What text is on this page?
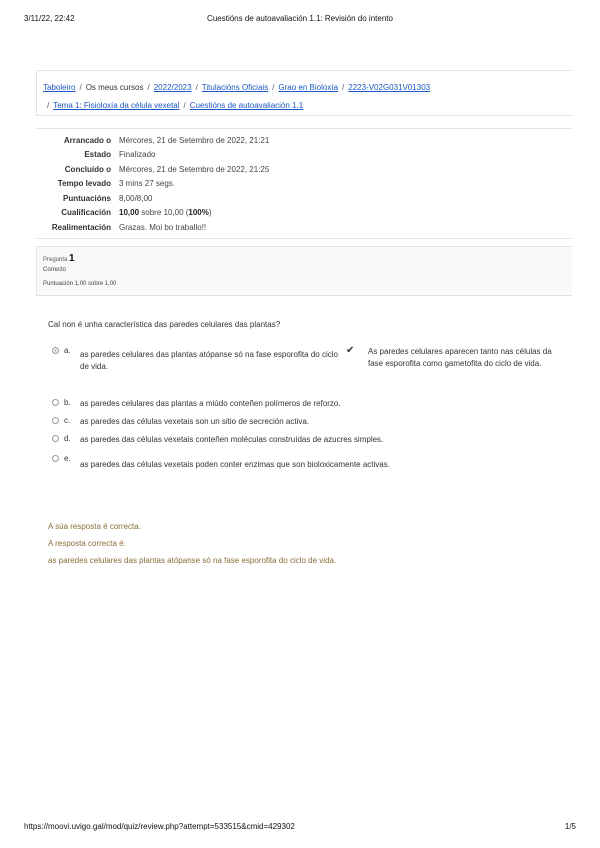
3/11/22, 22:42	Cuestións de autoavaliación 1.1: Revisión do intento
Taboleiro / Os meus cursos / 2022/2023 / Titulacións Oficiais / Grao en Bioloxía / 2223-V02G031V01303
/ Tema 1: Fisioloxía da célula vexetal / Cuestións de autoavaliación 1.1
Arrancado o	Mércores, 21 de Setembro de 2022, 21:21
Estado	Finalizado
Concluído o	Mércores, 21 de Setembro de 2022, 21:25
Tempo levado	3 mins 27 segs.
Puntuacións	8,00/8,00
Cualificación	10,00 sobre 10,00 (100%)
Realimentación	Grazas. Moi bo traballo!!
Pregunta 1
Correcto
Puntuación 1,00 sobre 1,00
Cal non é unha característica das paredes celulares das plantas?
a.	as paredes celulares das plantas atópanse só na fase esporofita do ciclo de vida.
✔ As paredes celulares aparecen tanto nas células da fase esporofita como gametofita do ciclo de vida.
b.	as paredes celulares das plantas a miúdo conteñen polímeros de reforzo.
c.	as paredes das células vexetais son un sitio de secreción activa.
d.	as paredes das células vexetais conteñen moléculas construídas de azucres simples.
e.
as paredes das células vexetais poden conter enzimas que son bioloxicamente activas.
A súa resposta é correcta.
A resposta correcta é:
as paredes celulares das plantas atópanse só na fase esporofita do ciclo de vida.
https://moovi.uvigo.gal/mod/quiz/review.php?attempt=533515&cmid=429302	1/5
